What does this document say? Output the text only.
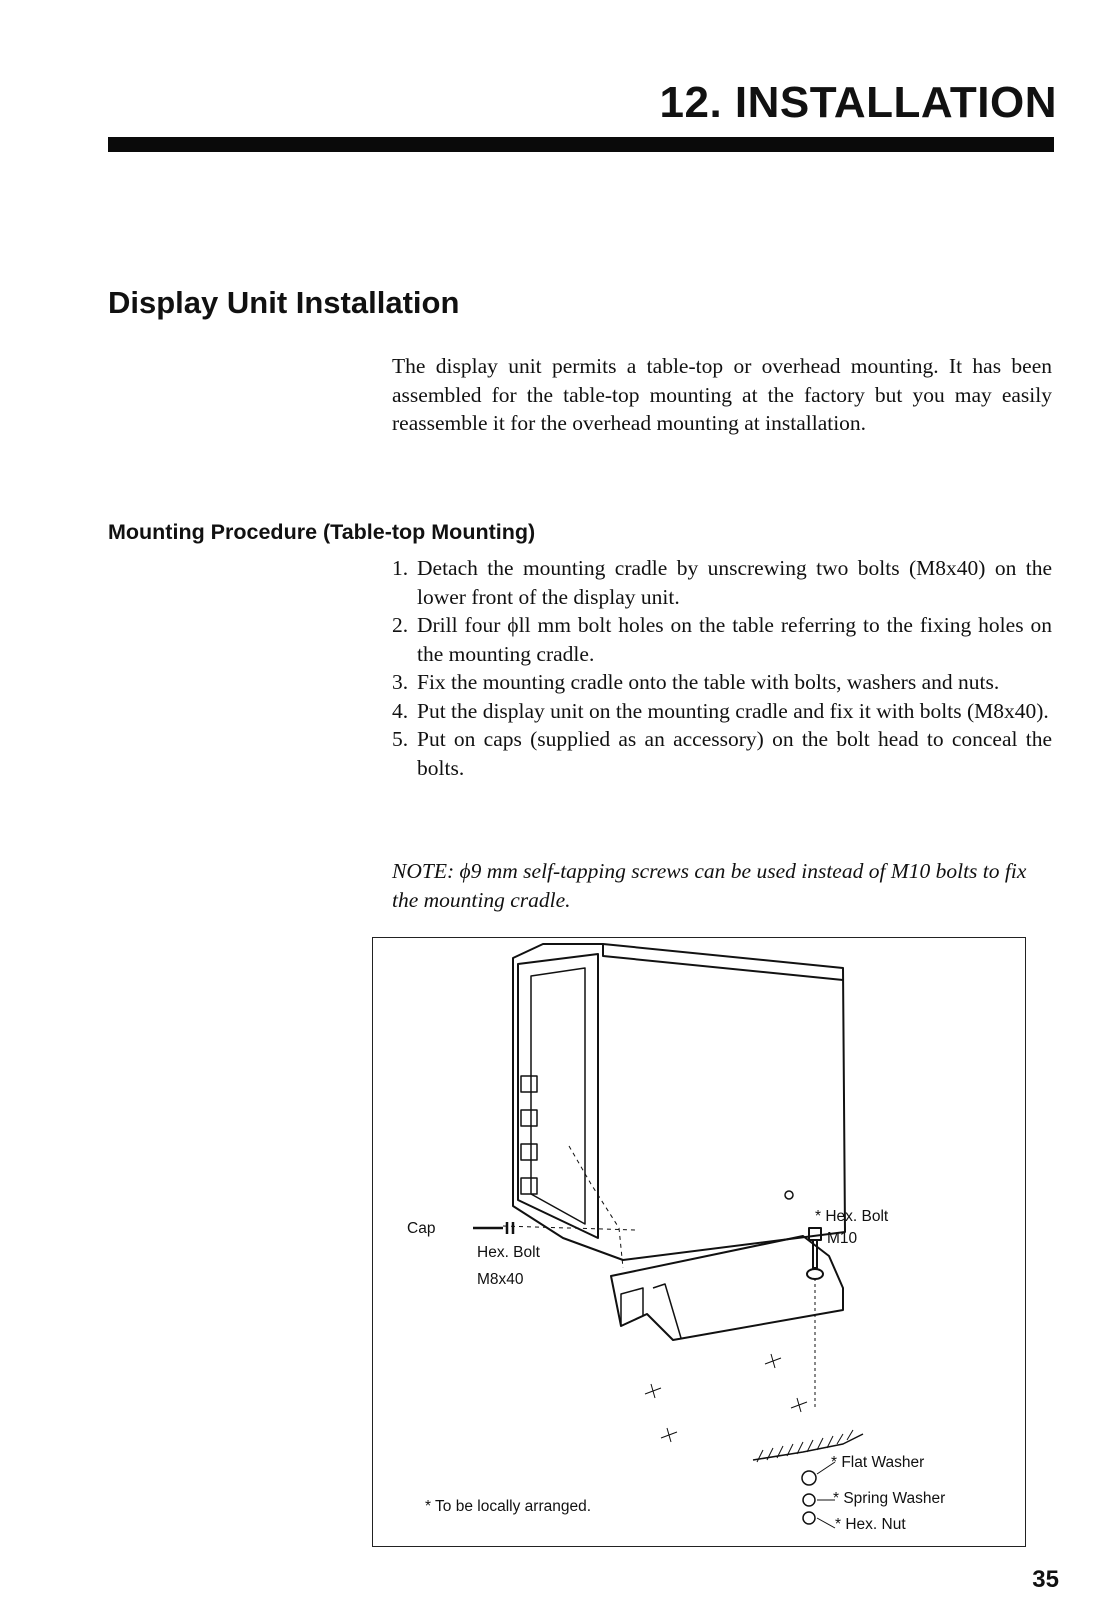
12. INSTALLATION
Display Unit Installation

The display unit permits a table-top or overhead mounting. It has been assembled for the table-top mounting at the factory but you may easily reassemble it for the overhead mounting at installation.

Mounting Procedure (Table-top Mounting)
1. Detach the mounting cradle by unscrewing two bolts (M8x40) on the lower front of the display unit.
2. Drill four ϕll mm bolt holes on the table referring to the fixing holes on the mounting cradle.
3. Fix the mounting cradle onto the table with bolts, washers and nuts.
4. Put the display unit on the mounting cradle and fix it with bolts (M8x40).
5. Put on caps (supplied as an accessory) on the bolt head to conceal the bolts.

NOTE: ϕ9 mm self-tapping screws can be used instead of M10 bolts to fix the mounting cradle.

Cap
Hex. Bolt
M8x40
* Hex. Bolt
M10
* Flat Washer
* Spring Washer
* Hex. Nut
* To be locally arranged.
35
